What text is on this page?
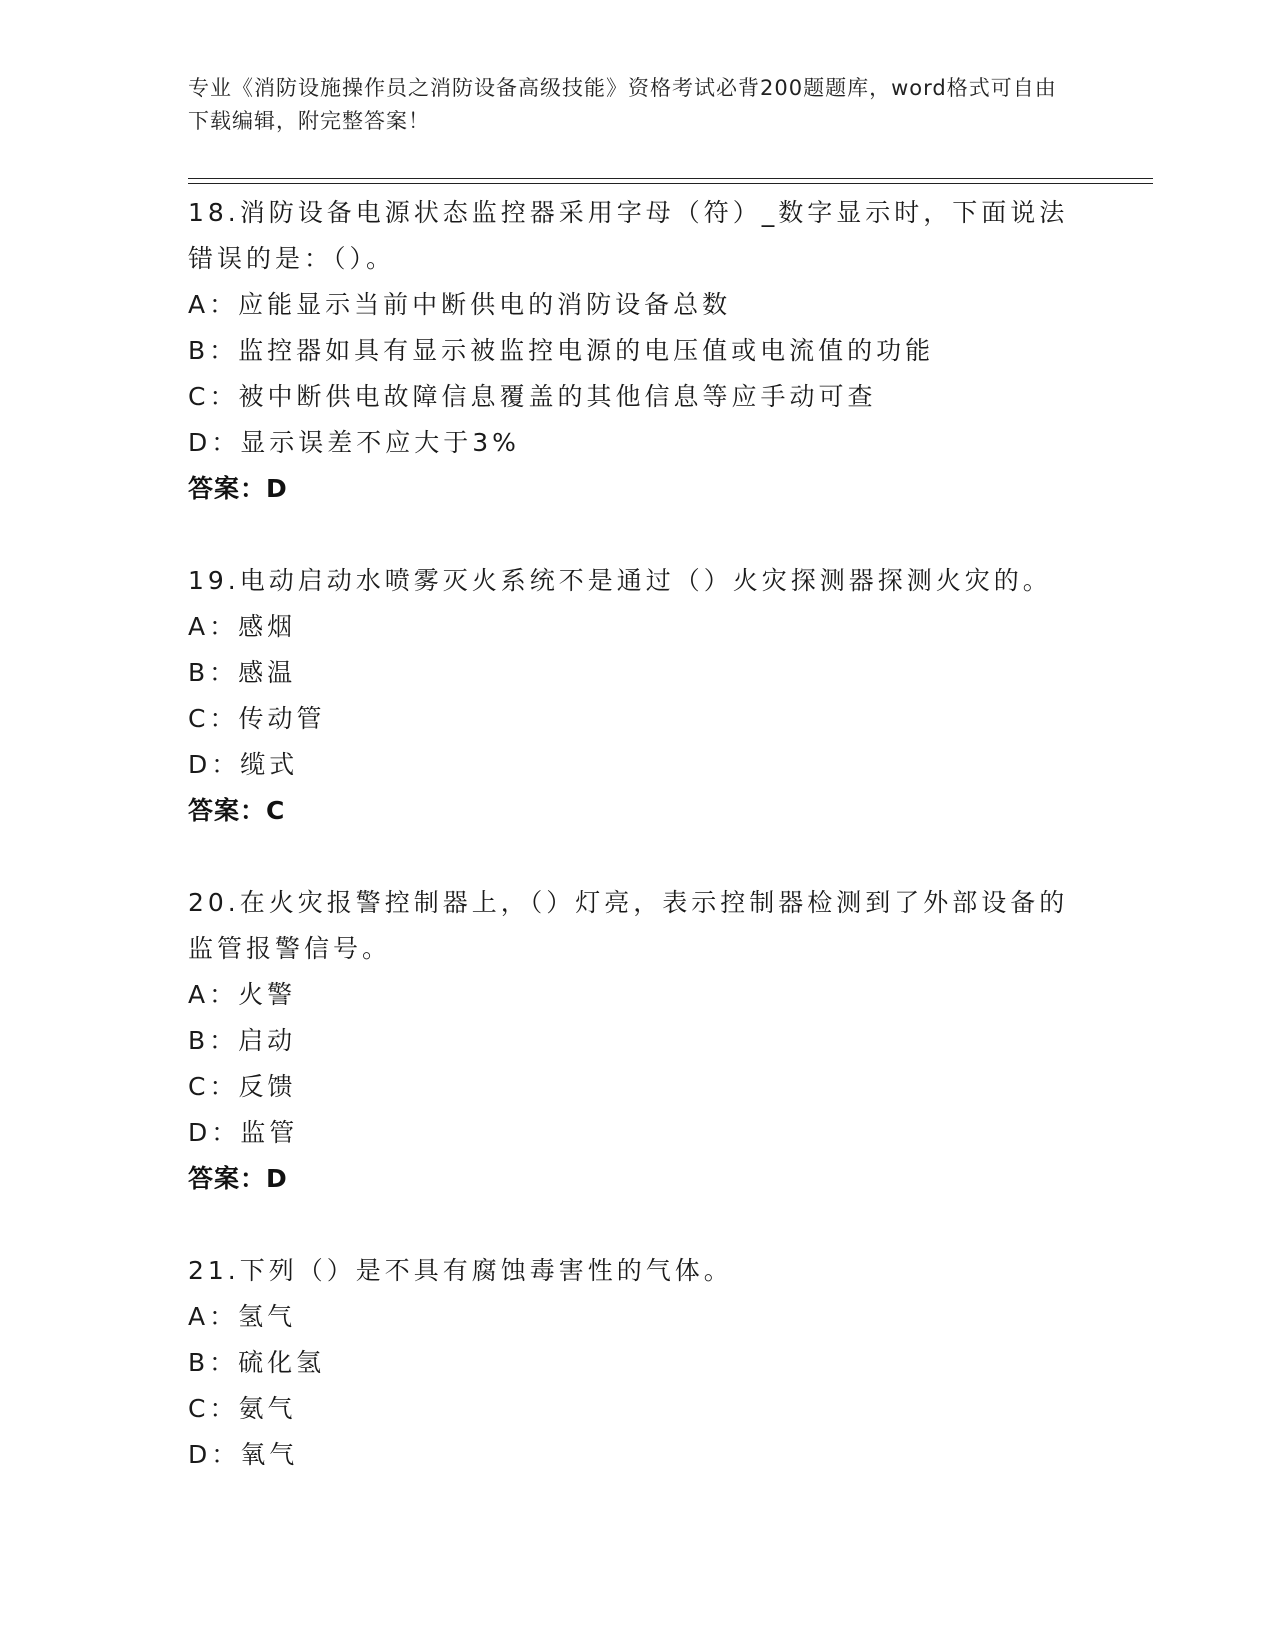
专业《消防设施操作员之消防设备高级技能》资格考试必背200题题库，word格式可自由下载编辑，附完整答案！
18.消防设备电源状态监控器采用字母（符）_数字显示时，下面说法
错误的是：（）。
A：应能显示当前中断供电的消防设备总数
B：监控器如具有显示被监控电源的电压值或电流值的功能
C：被中断供电故障信息覆盖的其他信息等应手动可查
D：显示误差不应大于3%
答案：D
19.电动启动水喷雾灭火系统不是通过（）火灾探测器探测火灾的。
A：感烟
B：感温
C：传动管
D：缆式
答案：C
20.在火灾报警控制器上，（）灯亮，表示控制器检测到了外部设备的
监管报警信号。
A：火警
B：启动
C：反馈
D：监管
答案：D
21.下列（）是不具有腐蚀毒害性的气体。
A：氢气
B：硫化氢
C：氨气
D：氧气
